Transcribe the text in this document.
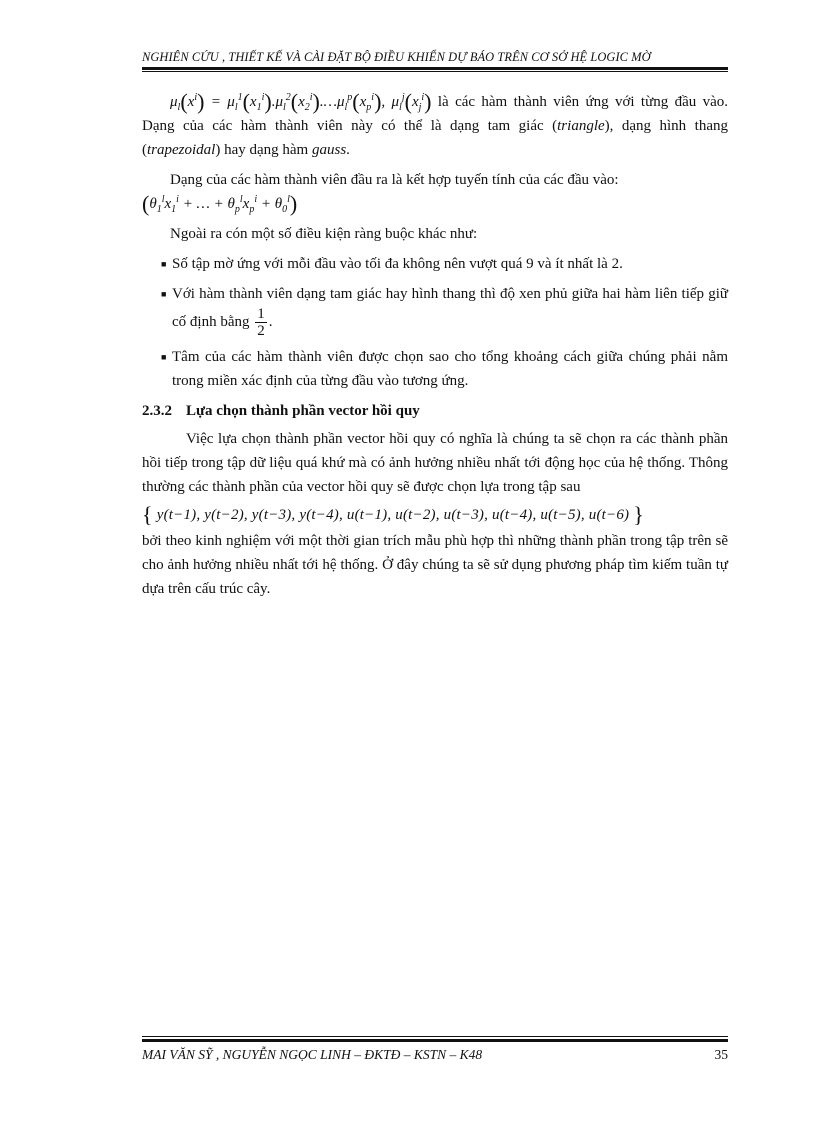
NGHIÊN CỨU , THIẾT KẾ VÀ CÀI ĐẶT BỘ ĐIỀU KHIỂN DỰ BÁO TRÊN CƠ SỞ HỆ LOGIC MỜ

$\mu_l(x^i)$ = $\mu_l^1(x_1^i).\mu_l^2(x_2^i).\dots\mu_l^p(x_p^i)$, $\mu_l^j(x_j^i)$ là các hàm thành viên ứng với từng đầu vào. Dạng của các hàm thành viên này có thể là dạng tam giác (triangle), dạng hình thang (trapezoidal) hay dạng hàm gauss.

Dạng của các hàm thành viên đầu ra là kết hợp tuyến tính của các đầu vào:

($\theta_1^lx_1^i$ + … + $\theta_p^lx_p^i + \theta_0^l$)

Ngoài ra cón một số điều kiện ràng buộc khác như:

■ Số tập mờ ứng với mỗi đầu vào tối đa không nên vượt quá 9 và ít nhất là 2.
■ Với hàm thành viên dạng tam giác hay hình thang thì độ xen phủ giữa hai hàm liên tiếp giữ cố định bằng $\frac{1}{2}$ .
■ Tâm của các hàm thành viên được chọn sao cho tổng khoảng cách giữa chúng phải nằm trong miền xác định của từng đầu vào tương ứng.
2.3.2 Lựa chọn thành phần vector hồi quy

Việc lựa chọn thành phần vector hồi quy có nghĩa là chúng ta sẽ chọn ra các thành phần hồi tiếp trong tập dữ liệu quá khứ mà có ảnh hưởng nhiều nhất tới động học của hệ thống. Thông thường các thành phần của vector hồi quy sẽ được chọn lựa trong tập sau

{ y(t−1), y(t−2), y(t−3), y(t−4), u(t−1), u(t−2), u(t−3), u(t−4), u(t−5), u(t−6) }

bởi theo kinh nghiệm với một thời gian trích mẫu phù hợp thì những thành phần trong tập trên sẽ cho ảnh hưởng nhiều nhất tới hệ thống. Ở đây chúng ta sẽ sử dụng phương pháp tìm kiếm tuần tự dựa trên cấu trúc cây.

MAI VĂN SỸ , NGUYỄN NGỌC LINH – ĐKTĐ – KSTN – K48	35
